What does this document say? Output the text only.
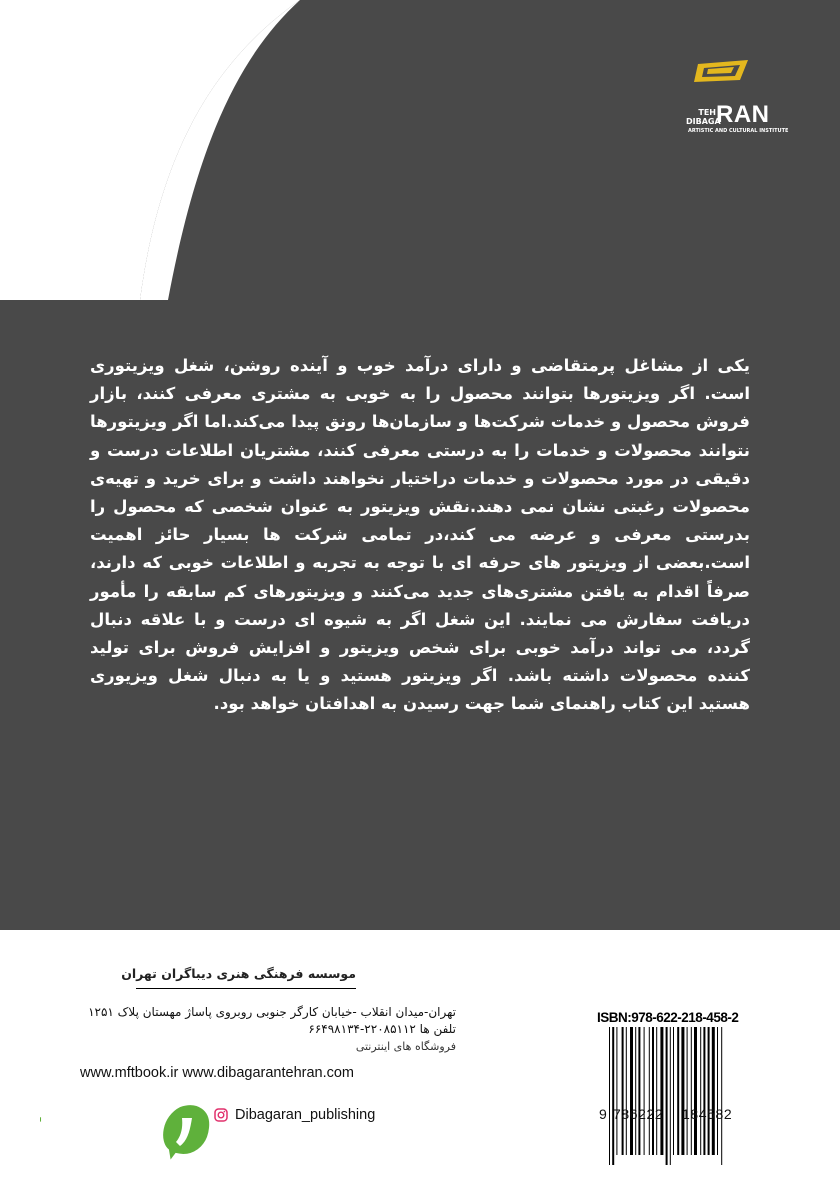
TEH
DIBAGA
RAN
ARTISTIC AND CULTURAL INSTITUTE
یکی از مشاغل پرمتقاضی و دارای درآمد خوب و آینده روشن، شغل ویزیتوری است. اگر ویزیتورها بتوانند محصول را به خوبی به مشتری معرفی کنند، بازار فروش محصول و خدمات شرکت‌ها و سازمان‌ها رونق پیدا می‌کند.اما اگر ویزیتورها نتوانند محصولات و خدمات را به درستی معرفی کنند، مشتریان اطلاعات درست و دقیقی در مورد محصولات و خدمات دراختیار نخواهند داشت و برای خرید و تهیه‌ی محصولات رغبتی نشان نمی دهند.نقش ویزیتور به عنوان شخصی که محصول را بدرستی معرفی و عرضه می کند،در تمامی شرکت ها بسیار حائز اهمیت است.بعضی از ویزیتور های حرفه ای با توجه به تجربه و اطلاعات خوبی که دارند، صرفاً اقدام به یافتن مشتری‌های جدید می‌کنند و ویزیتورهای کم سابقه را مأمور دریافت سفارش می نمایند. این شغل اگر به شیوه ای درست و با علاقه دنبال گردد، می تواند درآمد خوبی برای شخص ویزیتور و افزایش فروش برای تولید کننده محصولات داشته باشد. اگر ویزیتور هستید و یا به دنبال شغل ویزیوری هستید این کتاب راهنمای شما جهت رسیدن به اهدافتان خواهد بود.
موسسه فرهنگی هنری دیباگران تهران
تهران-میدان انقلاب -خیابان کارگر جنوبی روبروی پاساژ مهستان پلاک ۱۲۵۱
تلفن ها ۲۲۰۸۵۱۱۲-۶۶۴۹۸۱۳۴
فروشگاه های اینترنتی
www.mftbook.ir www.dibagarantehran.com
Dibagaran_publishing
ISBN:978-622-218-458-2
9 786222 184582
